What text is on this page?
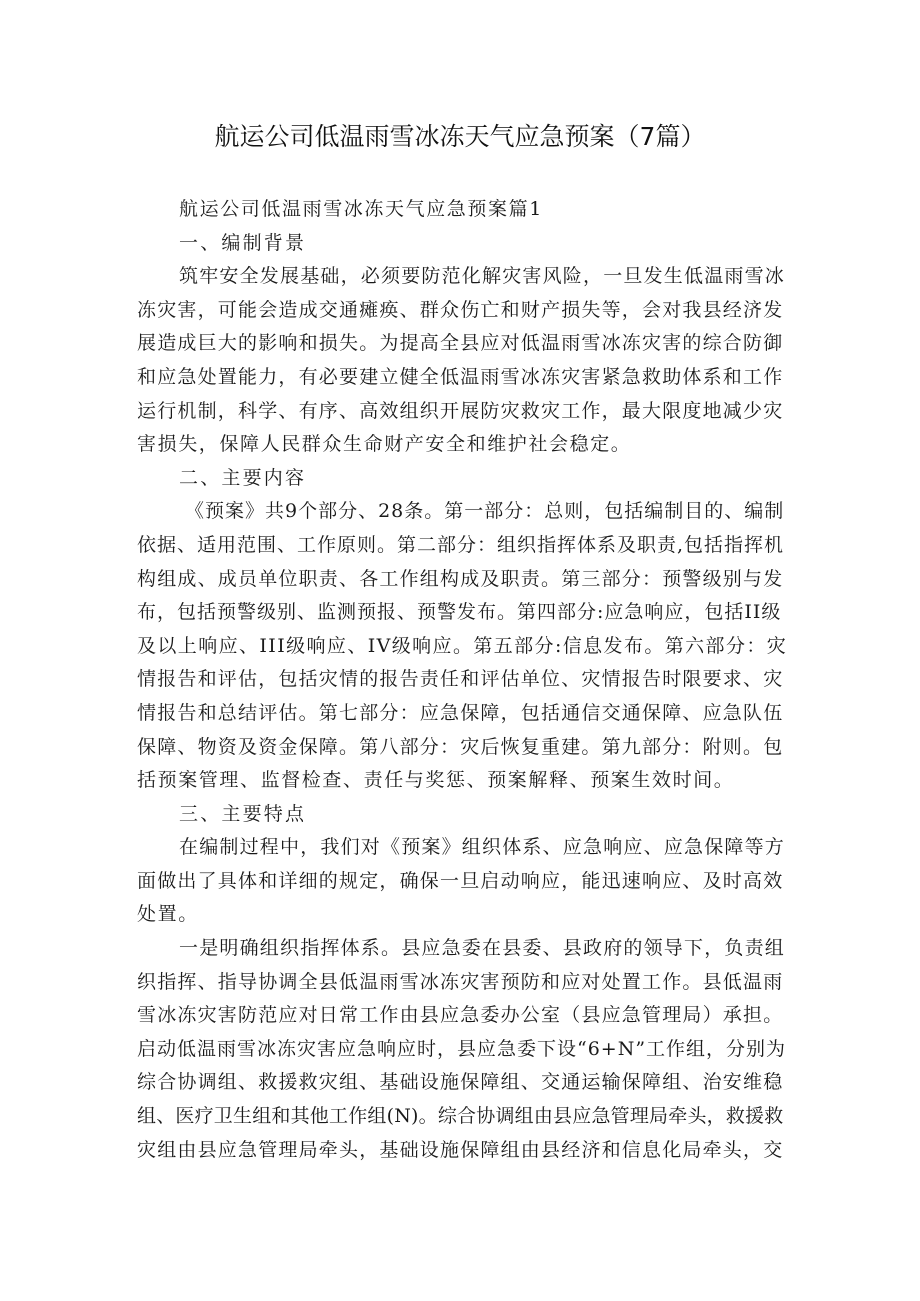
航运公司低温雨雪冰冻天气应急预案（7篇）

航运公司低温雨雪冰冻天气应急预案篇1

一、编制背景

筑牢安全发展基础，必须要防范化解灾害风险，一旦发生低温雨雪冰

冻灾害，可能会造成交通瘫痪、群众伤亡和财产损失等，会对我县经济发

展造成巨大的影响和损失。为提高全县应对低温雨雪冰冻灾害的综合防御

和应急处置能力，有必要建立健全低温雨雪冰冻灾害紧急救助体系和工作

运行机制，科学、有序、高效组织开展防灾救灾工作，最大限度地减少灾

害损失，保障人民群众生命财产安全和维护社会稳定。

二、主要内容

《预案》共9个部分、28条。第一部分：总则，包括编制目的、编制

依据、适用范围、工作原则。第二部分：组织指挥体系及职责,包括指挥机

构组成、成员单位职责、各工作组构成及职责。第三部分：预警级别与发

布，包括预警级别、监测预报、预警发布。第四部分:应急响应，包括II级

及以上响应、III级响应、IV级响应。第五部分:信息发布。第六部分：灾

情报告和评估，包括灾情的报告责任和评估单位、灾情报告时限要求、灾

情报告和总结评估。第七部分：应急保障，包括通信交通保障、应急队伍

保障、物资及资金保障。第八部分：灾后恢复重建。第九部分：附则。包

括预案管理、监督检查、责任与奖惩、预案解释、预案生效时间。

三、主要特点

在编制过程中，我们对《预案》组织体系、应急响应、应急保障等方

面做出了具体和详细的规定，确保一旦启动响应，能迅速响应、及时高效

处置。

一是明确组织指挥体系。县应急委在县委、县政府的领导下，负责组

织指挥、指导协调全县低温雨雪冰冻灾害预防和应对处置工作。县低温雨

雪冰冻灾害防范应对日常工作由县应急委办公室（县应急管理局）承担。

启动低温雨雪冰冻灾害应急响应时，县应急委下设“6+N”工作组，分别为

综合协调组、救援救灾组、基础设施保障组、交通运输保障组、治安维稳

组、医疗卫生组和其他工作组(N)。综合协调组由县应急管理局牵头，救援救

灾组由县应急管理局牵头，基础设施保障组由县经济和信息化局牵头，交
